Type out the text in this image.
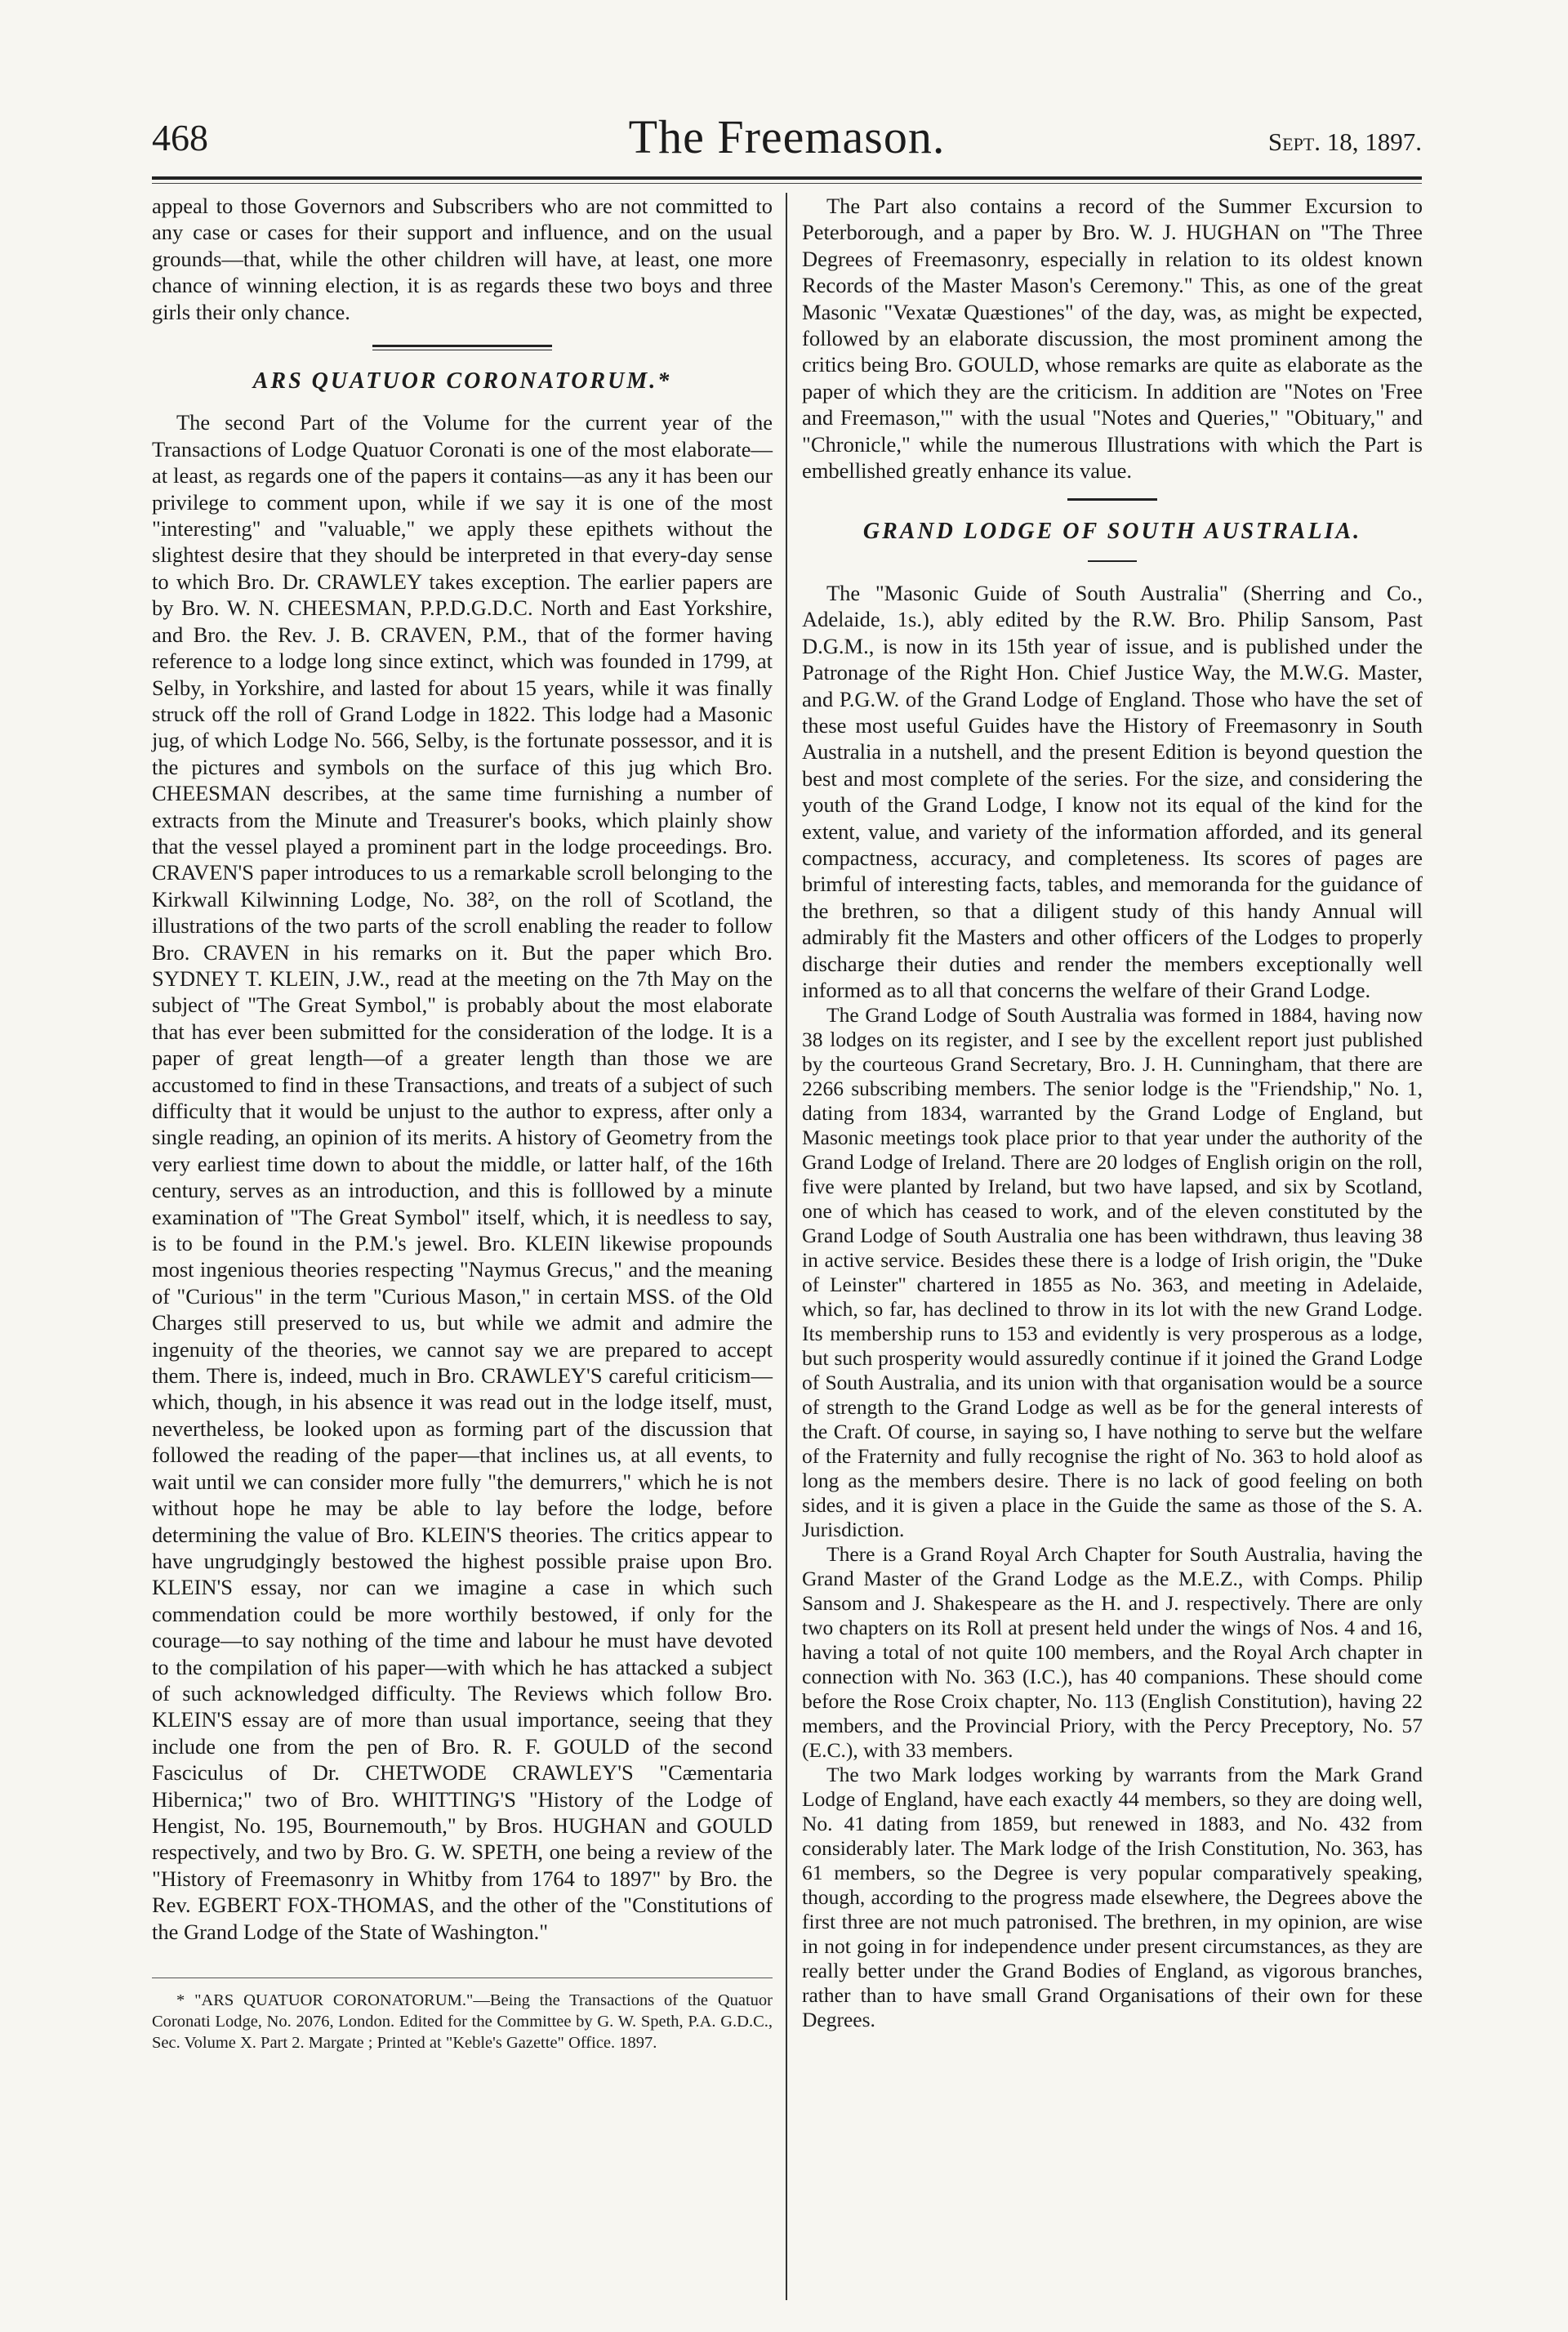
468	The Freemason.	Sept. 18, 1897.

appeal to those Governors and Subscribers who are not committed to any case or cases for their support and influence, and on the usual grounds—that, while the other children will have, at least, one more chance of winning election, it is as regards these two boys and three girls their only chance.

ARS QUATUOR CORONATORUM.*

The second Part of the Volume for the current year of the Transactions of Lodge Quatuor Coronati is one of the most elaborate—at least, as regards one of the papers it contains—as any it has been our privilege to comment upon, while if we say it is one of the most "interesting" and "valuable," we apply these epithets without the slightest desire that they should be interpreted in that every-day sense to which Bro. Dr. CRAWLEY takes exception. The earlier papers are by Bro. W. N. CHEESMAN, P.P.D.G.D.C. North and East Yorkshire, and Bro. the Rev. J. B. CRAVEN, P.M., that of the former having reference to a lodge long since extinct, which was founded in 1799, at Selby, in Yorkshire, and lasted for about 15 years, while it was finally struck off the roll of Grand Lodge in 1822. This lodge had a Masonic jug, of which Lodge No. 566, Selby, is the fortunate possessor, and it is the pictures and symbols on the surface of this jug which Bro. CHEESMAN describes, at the same time furnishing a number of extracts from the Minute and Treasurer's books, which plainly show that the vessel played a prominent part in the lodge proceedings. Bro. CRAVEN'S paper introduces to us a remarkable scroll belonging to the Kirkwall Kilwinning Lodge, No. 38², on the roll of Scotland, the illustrations of the two parts of the scroll enabling the reader to follow Bro. CRAVEN in his remarks on it. But the paper which Bro. SYDNEY T. KLEIN, J.W., read at the meeting on the 7th May on the subject of "The Great Symbol," is probably about the most elaborate that has ever been submitted for the consideration of the lodge. It is a paper of great length—of a greater length than those we are accustomed to find in these Transactions, and treats of a subject of such difficulty that it would be unjust to the author to express, after only a single reading, an opinion of its merits. A history of Geometry from the very earliest time down to about the middle, or latter half, of the 16th century, serves as an introduction, and this is folllowed by a minute examination of "The Great Symbol" itself, which, it is needless to say, is to be found in the P.M.'s jewel. Bro. KLEIN likewise propounds most ingenious theories respecting "Naymus Grecus," and the meaning of "Curious" in the term "Curious Mason," in certain MSS. of the Old Charges still preserved to us, but while we admit and admire the ingenuity of the theories, we cannot say we are prepared to accept them. There is, indeed, much in Bro. CRAWLEY'S careful criticism—which, though, in his absence it was read out in the lodge itself, must, nevertheless, be looked upon as forming part of the discussion that followed the reading of the paper—that inclines us, at all events, to wait until we can consider more fully "the demurrers," which he is not without hope he may be able to lay before the lodge, before determining the value of Bro. KLEIN'S theories. The critics appear to have ungrudgingly bestowed the highest possible praise upon Bro. KLEIN'S essay, nor can we imagine a case in which such commendation could be more worthily bestowed, if only for the courage—to say nothing of the time and labour he must have devoted to the compilation of his paper—with which he has attacked a subject of such acknowledged difficulty. The Reviews which follow Bro. KLEIN'S essay are of more than usual importance, seeing that they include one from the pen of Bro. R. F. GOULD of the second Fasciculus of Dr. CHETWODE CRAWLEY'S "Cæmentaria Hibernica;" two of Bro. WHITTING'S "History of the Lodge of Hengist, No. 195, Bournemouth," by Bros. HUGHAN and GOULD respectively, and two by Bro. G. W. SPETH, one being a review of the "History of Freemasonry in Whitby from 1764 to 1897" by Bro. the Rev. EGBERT FOX-THOMAS, and the other of the "Constitutions of the Grand Lodge of the State of Washington."

* "ARS QUATUOR CORONATORUM."—Being the Transactions of the Quatuor Coronati Lodge, No. 2076, London. Edited for the Committee by G. W. Speth, P.A. G.D.C., Sec. Volume X. Part 2. Margate ; Printed at "Keble's Gazette" Office. 1897.

The Part also contains a record of the Summer Excursion to Peterborough, and a paper by Bro. W. J. HUGHAN on "The Three Degrees of Freemasonry, especially in relation to its oldest known Records of the Master Mason's Ceremony." This, as one of the great Masonic "Vexatæ Quæstiones" of the day, was, as might be expected, followed by an elaborate discussion, the most prominent among the critics being Bro. GOULD, whose remarks are quite as elaborate as the paper of which they are the criticism. In addition are "Notes on 'Free and Freemason,'" with the usual "Notes and Queries," "Obituary," and "Chronicle," while the numerous Illustrations with which the Part is embellished greatly enhance its value.

GRAND LODGE OF SOUTH AUSTRALIA.

The "Masonic Guide of South Australia" (Sherring and Co., Adelaide, 1s.), ably edited by the R.W. Bro. Philip Sansom, Past D.G.M., is now in its 15th year of issue, and is published under the Patronage of the Right Hon. Chief Justice Way, the M.W.G. Master, and P.G.W. of the Grand Lodge of England. Those who have the set of these most useful Guides have the History of Freemasonry in South Australia in a nutshell, and the present Edition is beyond question the best and most complete of the series. For the size, and considering the youth of the Grand Lodge, I know not its equal of the kind for the extent, value, and variety of the information afforded, and its general compactness, accuracy, and completeness. Its scores of pages are brimful of interesting facts, tables, and memoranda for the guidance of the brethren, so that a diligent study of this handy Annual will admirably fit the Masters and other officers of the Lodges to properly discharge their duties and render the members exceptionally well informed as to all that concerns the welfare of their Grand Lodge.

The Grand Lodge of South Australia was formed in 1884, having now 38 lodges on its register, and I see by the excellent report just published by the courteous Grand Secretary, Bro. J. H. Cunningham, that there are 2266 subscribing members. The senior lodge is the "Friendship," No. 1, dating from 1834, warranted by the Grand Lodge of England, but Masonic meetings took place prior to that year under the authority of the Grand Lodge of Ireland. There are 20 lodges of English origin on the roll, five were planted by Ireland, but two have lapsed, and six by Scotland, one of which has ceased to work, and of the eleven constituted by the Grand Lodge of South Australia one has been withdrawn, thus leaving 38 in active service. Besides these there is a lodge of Irish origin, the "Duke of Leinster" chartered in 1855 as No. 363, and meeting in Adelaide, which, so far, has declined to throw in its lot with the new Grand Lodge. Its membership runs to 153 and evidently is very prosperous as a lodge, but such prosperity would assuredly continue if it joined the Grand Lodge of South Australia, and its union with that organisation would be a source of strength to the Grand Lodge as well as be for the general interests of the Craft. Of course, in saying so, I have nothing to serve but the welfare of the Fraternity and fully recognise the right of No. 363 to hold aloof as long as the members desire. There is no lack of good feeling on both sides, and it is given a place in the Guide the same as those of the S. A. Jurisdiction.

There is a Grand Royal Arch Chapter for South Australia, having the Grand Master of the Grand Lodge as the M.E.Z., with Comps. Philip Sansom and J. Shakespeare as the H. and J. respectively. There are only two chapters on its Roll at present held under the wings of Nos. 4 and 16, having a total of not quite 100 members, and the Royal Arch chapter in connection with No. 363 (I.C.), has 40 companions. These should come before the Rose Croix chapter, No. 113 (English Constitution), having 22 members, and the Provincial Priory, with the Percy Preceptory, No. 57 (E.C.), with 33 members.

The two Mark lodges working by warrants from the Mark Grand Lodge of England, have each exactly 44 members, so they are doing well, No. 41 dating from 1859, but renewed in 1883, and No. 432 from considerably later. The Mark lodge of the Irish Constitution, No. 363, has 61 members, so the Degree is very popular comparatively speaking, though, according to the progress made elsewhere, the Degrees above the first three are not much patronised. The brethren, in my opinion, are wise in not going in for independence under present circumstances, as they are really better under the Grand Bodies of England, as vigorous branches, rather than to have small Grand Organisations of their own for these Degrees.
